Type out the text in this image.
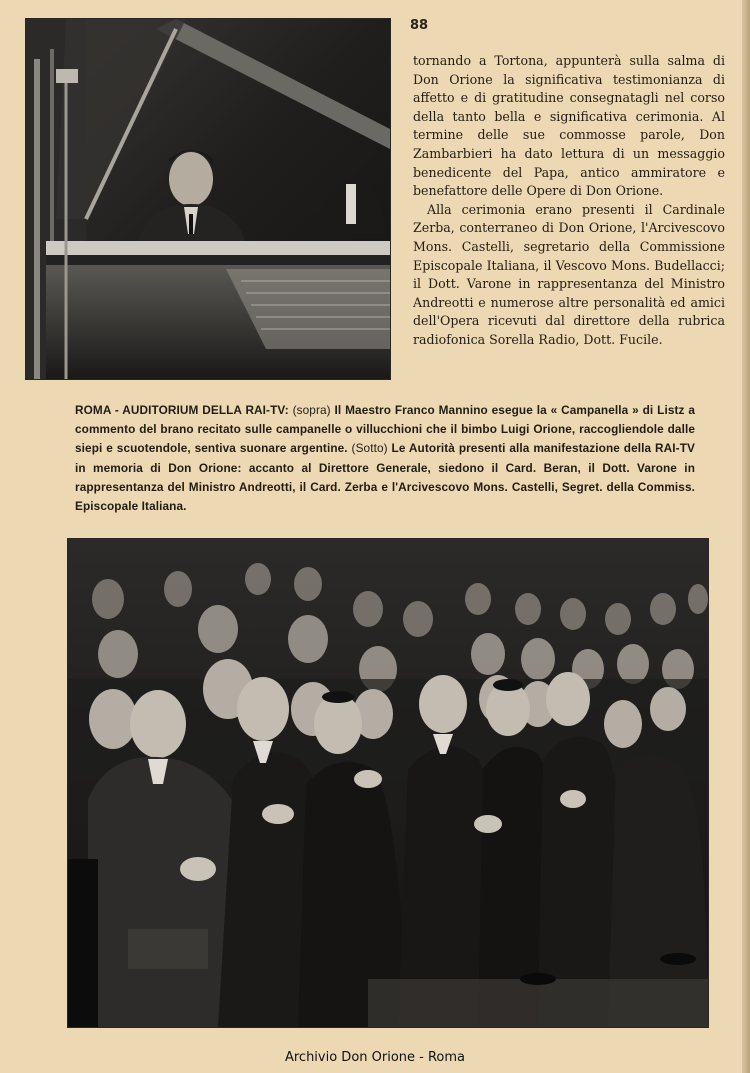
88

tornando a Tortona, appunterà sulla salma di Don Orione la significativa testimonianza di affetto e di gratitudine consegnatagli nel corso della tanto bella e significativa cerimonia. Al termine delle sue commosse parole, Don Zambarbieri ha dato lettura di un messaggio benedicente del Papa, antico ammiratore e benefattore delle Opere di Don Orione.

Alla cerimonia erano presenti il Cardinale Zerba, conterraneo di Don Orione, l'Arcivescovo Mons. Castelli, segretario della Commissione Episcopale Italiana, il Vescovo Mons. Budellacci; il Dott. Varone in rappresentanza del Ministro Andreotti e numerose altre personalità ed amici dell'Opera ricevuti dal direttore della rubrica radiofonica Sorella Radio, Dott. Fucile.

ROMA - AUDITORIUM DELLA RAI-TV: (sopra) Il Maestro Franco Mannino esegue la « Campanella » di Listz a commento del brano recitato sulle campanelle o villucchioni che il bimbo Luigi Orione, raccogliendole dalle siepi e scuotendole, sentiva suonare argentine. (Sotto) Le Autorità presenti alla manifestazione della RAI-TV in memoria di Don Orione: accanto al Direttore Generale, siedono il Card. Beran, il Dott. Varone in rappresentanza del Ministro Andreotti, il Card. Zerba e l'Arcivescovo Mons. Castelli, Segret. della Commiss. Episcopale Italiana.

Archivio Don Orione - Roma
